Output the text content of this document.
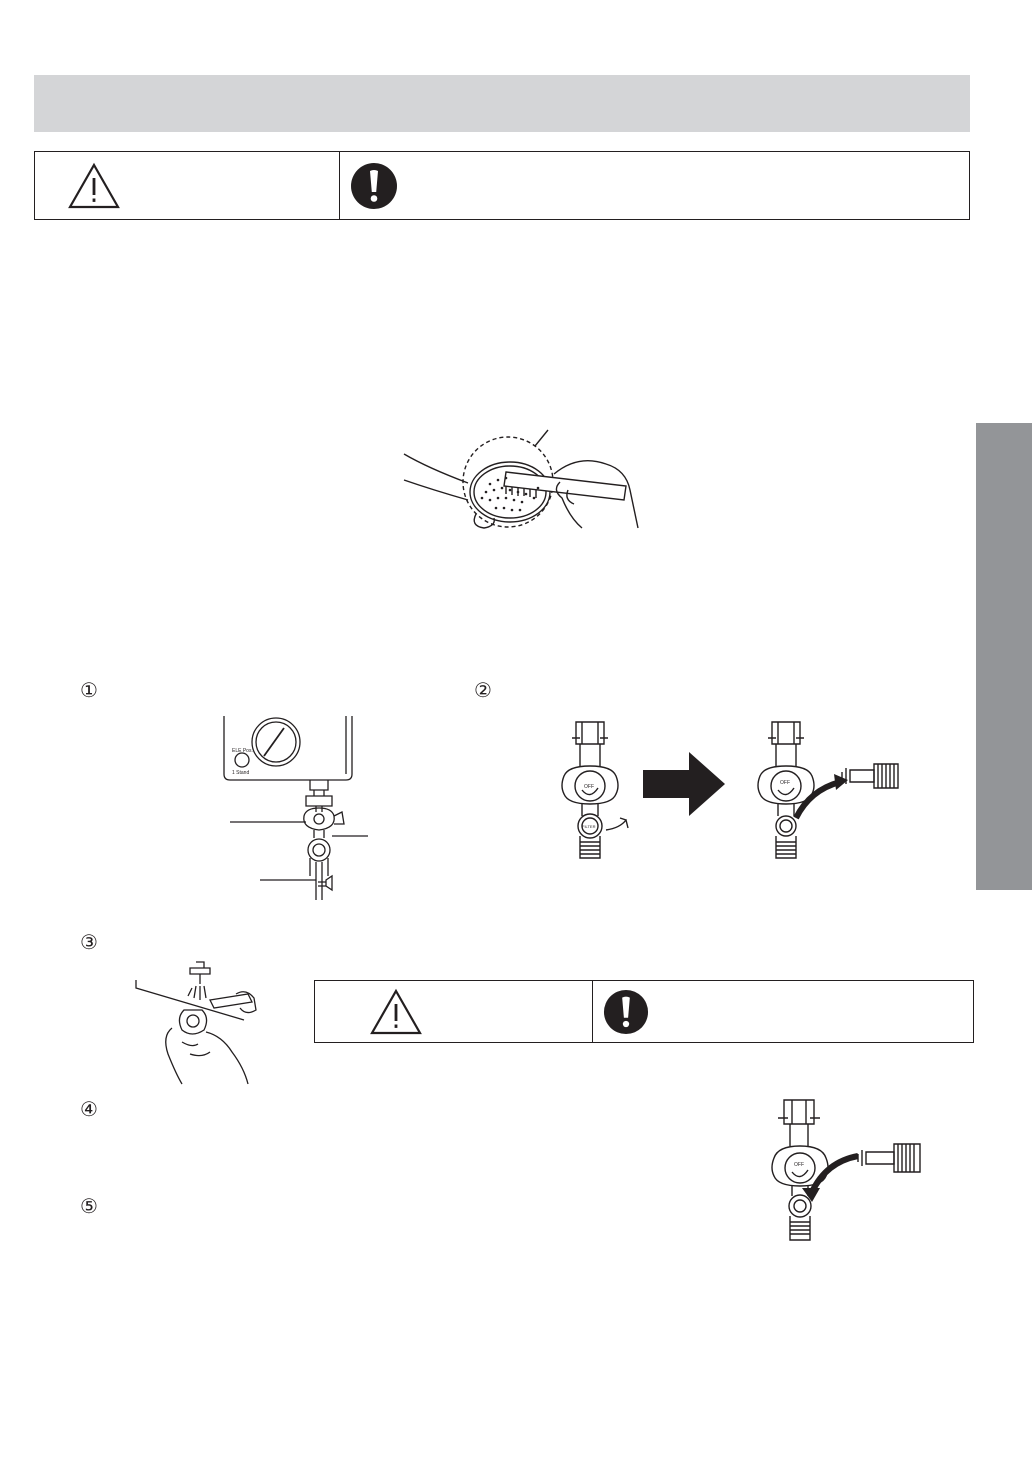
①	②
③
④
⑤
ELE Pos.
1 Stand
OFF
FILTER
OFF
OFF
